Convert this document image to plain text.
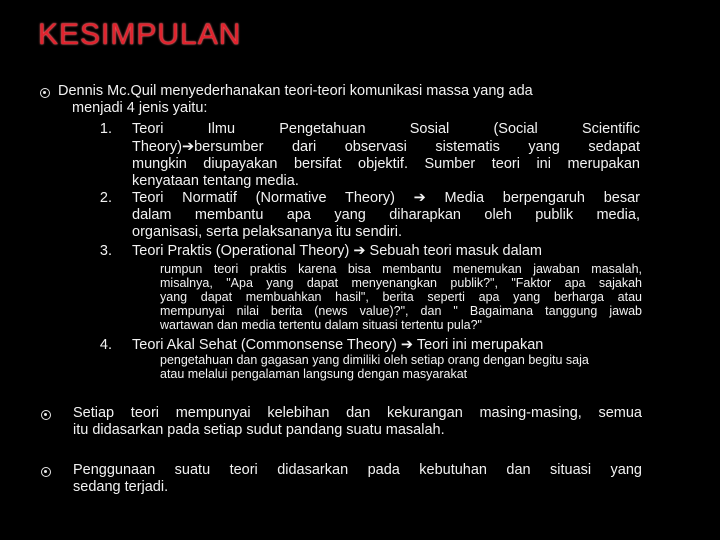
KESIMPULAN
Dennis Mc.Quil menyederhanakan teori-teori komunikasi massa yang ada
menjadi 4 jenis yaitu:
1. Teori Ilmu Pengetahuan Sosial (Social Scientific
Theory)➔bersumber dari observasi sistematis yang sedapat
mungkin diupayakan bersifat objektif. Sumber teori ini merupakan
kenyataan tentang media.
2. Teori Normatif (Normative Theory) ➔ Media berpengaruh besar
dalam membantu apa yang diharapkan oleh publik media,
organisasi, serta pelaksananya itu sendiri.
3. Teori Praktis (Operational Theory) ➔ Sebuah teori masuk dalam
rumpun teori praktis karena bisa membantu menemukan jawaban masalah,
misalnya, "Apa yang dapat menyenangkan publik?", "Faktor apa sajakah
yang dapat membuahkan hasil", berita seperti apa yang berharga atau
mempunyai nilai berita (news value)?", dan " Bagaimana tanggung jawab
wartawan dan media tertentu dalam situasi tertentu pula?"
4. Teori Akal Sehat (Commonsense Theory) ➔ Teori ini merupakan
pengetahuan dan gagasan yang dimiliki oleh setiap orang dengan begitu saja
atau melalui pengalaman langsung dengan masyarakat
Setiap teori mempunyai kelebihan dan kekurangan masing-masing, semua
itu didasarkan pada setiap sudut pandang suatu masalah.
Penggunaan suatu teori didasarkan pada kebutuhan dan situasi yang
sedang terjadi.
